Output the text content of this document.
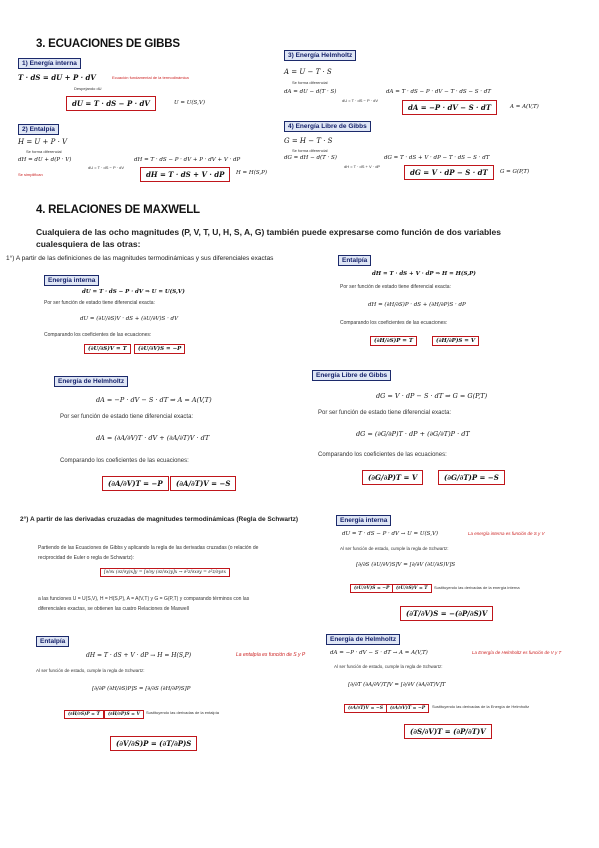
3. ECUACIONES DE GIBBS
1) Energía interna
T · dS = dU + P · dV	Ecuación fundamental de la termodinámica
Despejando dU
dU = T · dS − P · dV	U = U(S,V)
2) Entalpía
H = U + P · V
Se forma diferencial
dH = dU + d(P · V)	dH = T · dS − P · dV + P · dV + V · dP
dU = T · dS − P · dV
Se simplifican	dH = T · dS + V · dP	H = H(S,P)
3) Energía Helmholtz
A = U − T · S
Se forma diferencial
dA = dU − d(T · S)	dA = T · dS − P · dV − T · dS − S · dT
dU = T · dS − P · dV
dA = −P · dV − S · dT	A = A(V,T)
4) Energía Libre de Gibbs
G = H − T · S
Se forma diferencial
dG = dH − d(T · S)	dG = T · dS + V · dP − T · dS − S · dT
dH = T · dS + V · dP
dG = V · dP − S · dT	G = G(P,T)
4. RELACIONES DE MAXWELL
Cualquiera de las ocho magnitudes (P, V, T, U, H, S, A, G) también puede expresarse como función de dos variables
cualesquiera de las otras:
1°) A partir de las definiciones de las magnitudes termodinámicas y sus diferenciales exactas
Energía interna
dU = T · dS − P · dV ⇒ U = U(S,V)
Por ser función de estado tiene diferencial exacta:
dU = (∂U/∂S)V · dS + (∂U/∂V)S · dV
Comparando los coeficientes de las ecuaciones:
(∂U/∂S)V = T	(∂U/∂V)S = −P
Entalpía
dH = T · dS + V · dP ⇒ H = H(S,P)
Por ser función de estado tiene diferencial exacta:
dH = (∂H/∂S)P · dS + (∂H/∂P)S · dP
Comparando los coeficientes de las ecuaciones:
(∂H/∂S)P = T	(∂H/∂P)S = V
Energía de Helmholtz
dA = −P · dV − S · dT ⇒ A = A(V,T)
Por ser función de estado tiene diferencial exacta:
dA = (∂A/∂V)T · dV + (∂A/∂T)V · dT
Comparando los coeficientes de las ecuaciones:
(∂A/∂V)T = −P	(∂A/∂T)V = −S
Energía Libre de Gibbs
dG = V · dP − S · dT ⇒ G = G(P,T)
Por ser función de estado tiene diferencial exacta:
dG = (∂G/∂P)T · dP + (∂G/∂T)P · dT
Comparando los coeficientes de las ecuaciones:
(∂G/∂P)T = V	(∂G/∂T)P = −S
2°) A partir de las derivadas cruzadas de magnitudes termodinámicas (Regla de Schwartz)
Partiendo de las Ecuaciones de Gibbs y aplicando la regla de las derivadas cruzadas (o relación de
reciprocidad de Euler o regla de Schwartz):
[∂/∂x (∂z/∂y)x]y = [∂/∂y (∂z/∂x)y]x → ∂²z/∂x∂y = ∂²z/∂y∂x
a las funciones U = U(S,V), H = H(S,P), A = A(V,T) y G = G(P,T) y comparando términos con las
diferenciales exactas, se obtienen las cuatro Relaciones de Maxwell
Energía interna
dU = T · dS − P · dV → U = U(S,V)	La energía interna es función de S y V
Al ser función de estado, cumple la regla de Schwartz:
[∂/∂S (∂U/∂V)S]V = [∂/∂V (∂U/∂S)V]S
(∂U/∂V)S = −P	(∂U/∂S)V = T	Sustituyendo las derivadas de la energía interna
(∂T/∂V)S = −(∂P/∂S)V
Entalpía
dH = T · dS + V · dP → H = H(S,P)	La entalpía es función de S y P
Al ser función de estado, cumple la regla de Schwartz:
[∂/∂P (∂H/∂S)P]S = [∂/∂S (∂H/∂P)S]P
(∂H/∂S)P = T	(∂H/∂P)S = V	Sustituyendo las derivadas de la entalpía
(∂V/∂S)P = (∂T/∂P)S
Energía de Helmholtz
dA = −P · dV − S · dT → A = A(V,T)	La Energía de Helmholtz es función de V y T
Al ser función de estado, cumple la regla de Schwartz:
[∂/∂T (∂A/∂V)T]V = [∂/∂V (∂A/∂T)V]T
(∂A/∂T)V = −S	(∂A/∂V)T = −P	Sustituyendo las derivadas de la Energía de Helmholtz
(∂S/∂V)T = (∂P/∂T)V
